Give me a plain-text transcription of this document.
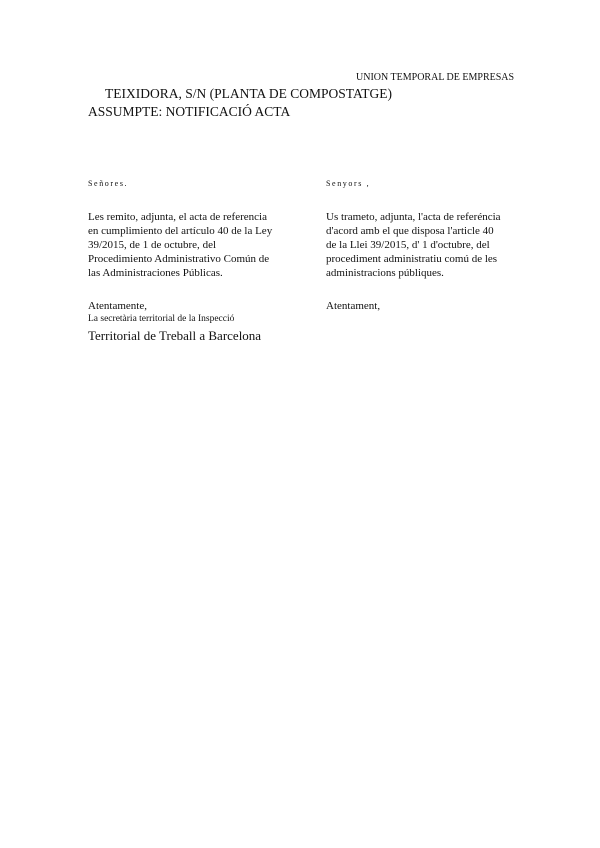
UNION TEMPORAL DE EMPRESAS
TEIXIDORA, S/N (PLANTA DE COMPOSTATGE)
ASSUMPTE: NOTIFICACIÓ ACTA
Señores.	Senyors ,
Les remito, adjunta, el acta de referencia
en cumplimiento del artículo 40 de la Ley
39/2015, de 1 de octubre, del
Procedimiento Administrativo Común de
las Administraciones Públicas.
Us trameto, adjunta, l'acta de referéncia
d'acord amb el que disposa l'article 40
de la Llei 39/2015, d' 1 d'octubre, del
procediment administratiu comú de les
administracions públiques.
Atentamente,	Atentament,
La secretària territorial de la Inspecció
Territorial de Treball a Barcelona
